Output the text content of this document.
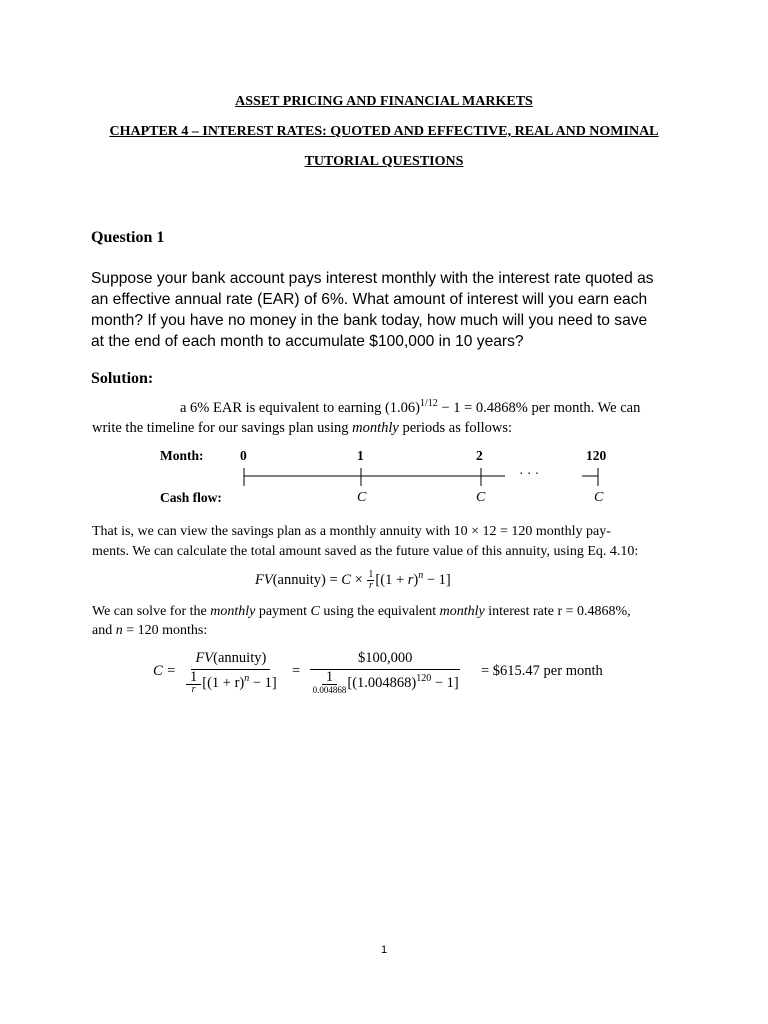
ASSET PRICING AND FINANCIAL MARKETS
CHAPTER 4 – INTEREST RATES: QUOTED AND EFFECTIVE, REAL AND NOMINAL
TUTORIAL QUESTIONS
Question 1
Suppose your bank account pays interest monthly with the interest rate quoted as
an effective annual rate (EAR) of 6%. What amount of interest will you earn each
month? If you have no money in the bank today, how much will you need to save
at the end of each month to accumulate $100,000 in 10 years?
Solution:
a 6% EAR is equivalent to earning $(1.06)^{1/12} - 1 = 0.4868\%$ per month. We can
write the timeline for our savings plan using monthly periods as follows:
Month:
Cash flow:
0	1	2	120
· · ·
C	C	C
That is, we can view the savings plan as a monthly annuity with 10 × 12 = 120 monthly pay-
ments. We can calculate the total amount saved as the future value of this annuity, using Eq. 4.10:
FV(annuity) = $C \times \frac{1}{r} [(1 + r)^n - 1]$
We can solve for the monthly payment C using the equivalent monthly interest rate r = 0.4868%,
and n = 120 months:
C =
FV(annuity)
$\frac{1}{r} [(1 + r)^n - 1]$
= $\frac{\$100,000}{\frac{1}{0.004868} [(1.004868)^{120} - 1]}$ = $615.47 per month
1
